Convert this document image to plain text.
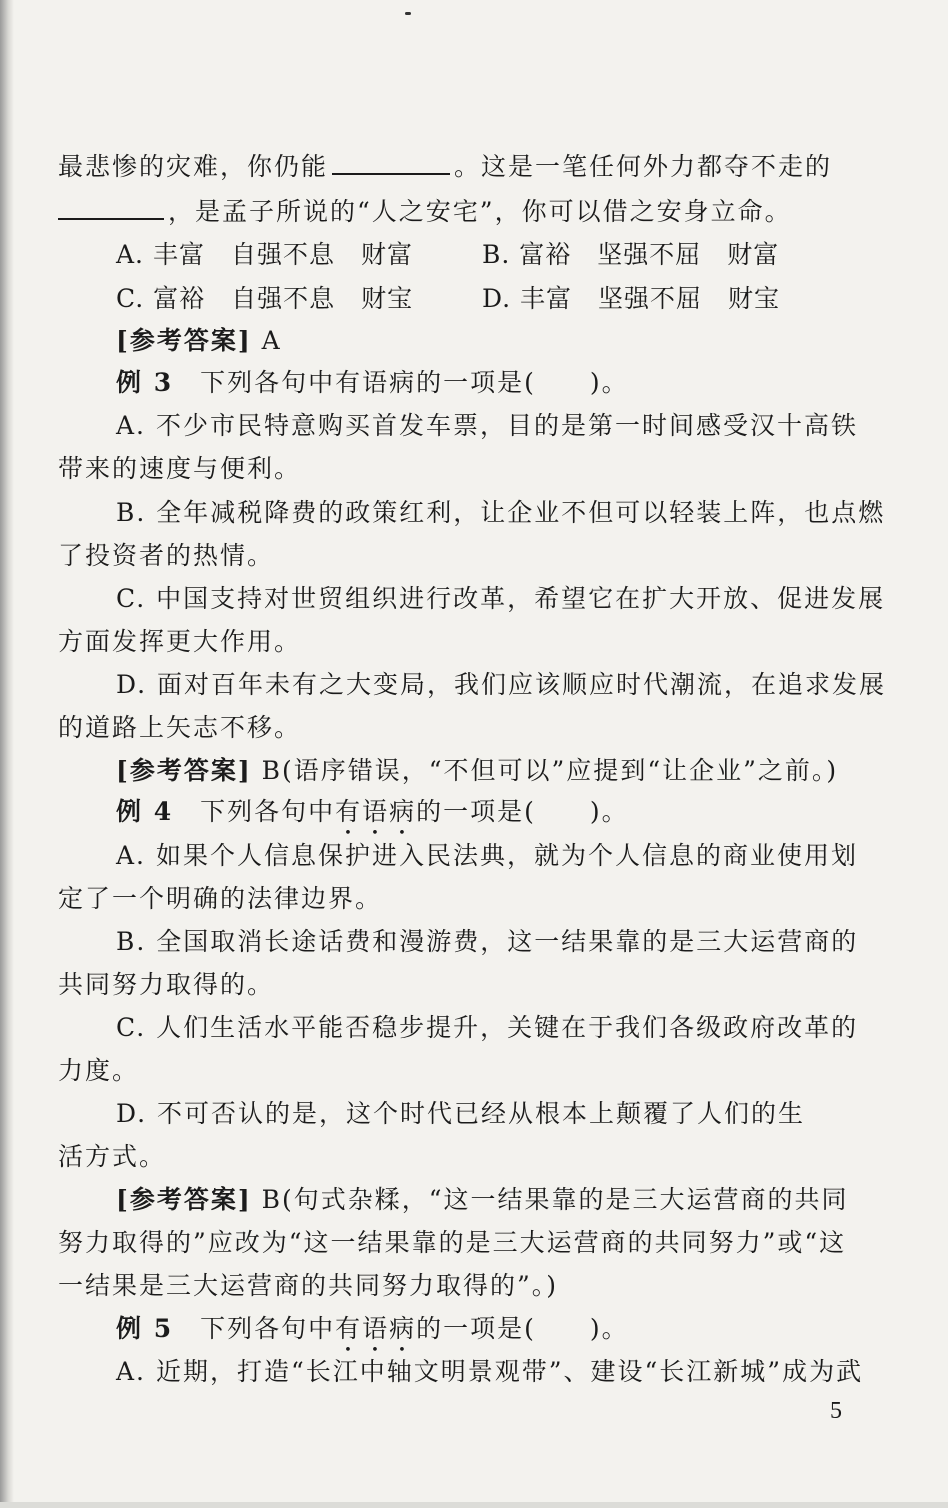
最悲惨的灾难，你仍能	。这是一笔任何外力都夺不走的
，是孟子所说的“人之安宅”，你可以借之安身立命。
A. 丰富　自强不息　财富	B. 富裕　坚强不屈　财富
C. 富裕　自强不息　财宝	D. 丰富　坚强不屈　财宝
[参考答案] A
例 3　 下列各句中有语病的一项是(　　)。
A. 不少市民特意购买首发车票，目的是第一时间感受汉十高铁
带来的速度与便利。
B. 全年减税降费的政策红利，让企业不但可以轻装上阵，也点燃
了投资者的热情。
C. 中国支持对世贸组织进行改革，希望它在扩大开放、促进发展
方面发挥更大作用。
D. 面对百年未有之大变局，我们应该顺应时代潮流，在追求发展
的道路上矢志不移。
[参考答案] B(语序错误，“不但可以”应提到“让企业”之前。)
例 4　 下列各句中有语病的一项是(　　)。
A. 如果个人信息保护进入民法典，就为个人信息的商业使用划
定了一个明确的法律边界。
B. 全国取消长途话费和漫游费，这一结果靠的是三大运营商的
共同努力取得的。
C. 人们生活水平能否稳步提升，关键在于我们各级政府改革的
力度。
D. 不可否认的是，这个时代已经从根本上颠覆了人们的生
活方式。
[参考答案] B(句式杂糅，“这一结果靠的是三大运营商的共同
努力取得的”应改为“这一结果靠的是三大运营商的共同努力”或“这
一结果是三大运营商的共同努力取得的”。)
例 5　 下列各句中有语病的一项是(　　)。
A. 近期，打造“长江中轴文明景观带”、建设“长江新城”成为武
5
